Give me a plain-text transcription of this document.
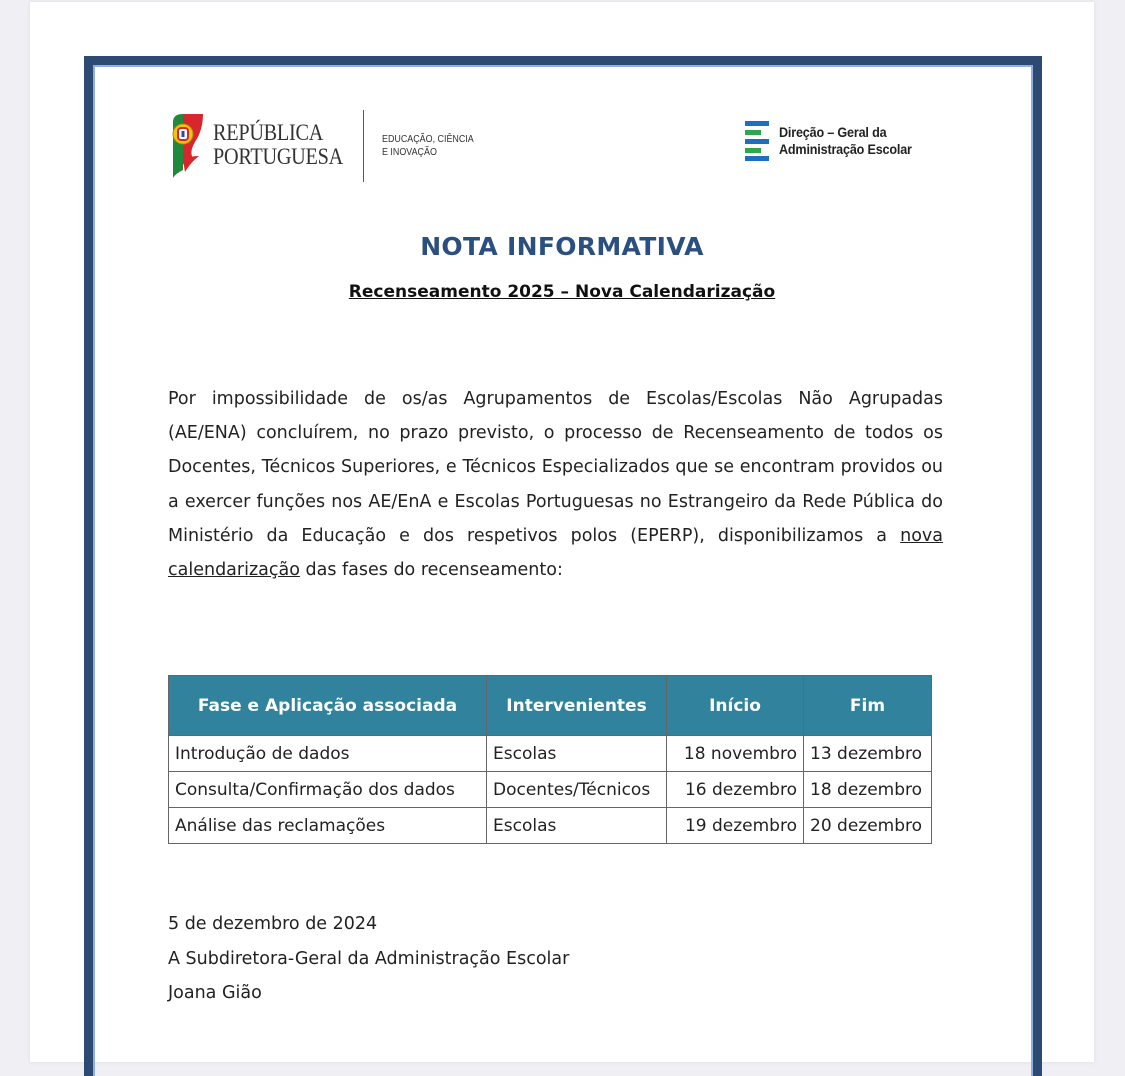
REPÚBLICA
PORTUGUESA
EDUCAÇÃO, CIÊNCIA
E INOVAÇÃO
Direção – Geral da
Administração Escolar
NOTA INFORMATIVA
Recenseamento 2025 – Nova Calendarização

Por impossibilidade de os/as Agrupamentos de Escolas/Escolas Não Agrupadas (AE/ENA) concluírem, no prazo previsto, o processo de Recenseamento de todos os Docentes, Técnicos Superiores, e Técnicos Especializados que se encontram providos ou a exercer funções nos AE/EnA e Escolas Portuguesas no Estrangeiro da Rede Pública do Ministério da Educação e dos respetivos polos (EPERP), disponibilizamos a nova calendarização das fases do recenseamento:

Fase e Aplicação associada	Intervenientes	Início	Fim
Introdução de dados	Escolas	18 novembro	13 dezembro
Consulta/Confirmação dos dados	Docentes/Técnicos	16 dezembro	18 dezembro
Análise das reclamações	Escolas	19 dezembro	20 dezembro
5 de dezembro de 2024
A Subdiretora-Geral da Administração Escolar
Joana Gião
